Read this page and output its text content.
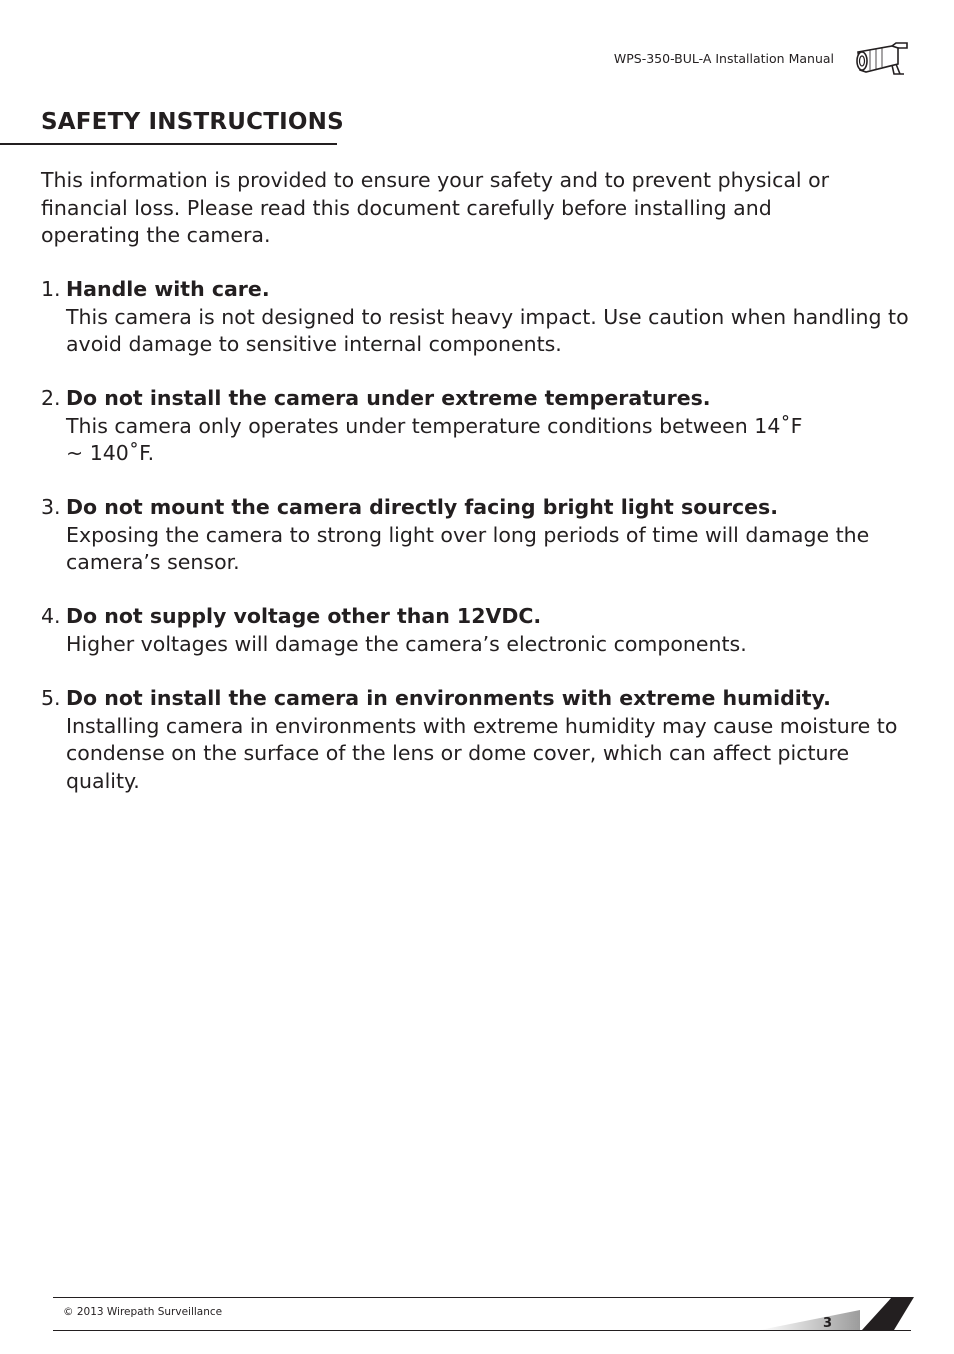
WPS-350-BUL-A Installation Manual
SAFETY INSTRUCTIONS

This information is provided to ensure your safety and to prevent physical or financial loss. Please read this document carefully before installing and operating the camera.

1. Handle with care.

This camera is not designed to resist heavy impact. Use caution when handling to avoid damage to sensitive internal components.

2. Do not install the camera under extreme temperatures.

This camera only operates under temperature conditions between 14˚F ~ 140˚F.

3. Do not mount the camera directly facing bright light sources.

Exposing the camera to strong light over long periods of time will damage the camera’s sensor.

4. Do not supply voltage other than 12VDC.

Higher voltages will damage the camera’s electronic components.

5. Do not install the camera in environments with extreme humidity.

Installing camera in environments with extreme humidity may cause moisture to condense on the surface of the lens or dome cover, which can affect picture quality.

© 2013 Wirepath Surveillance
3
